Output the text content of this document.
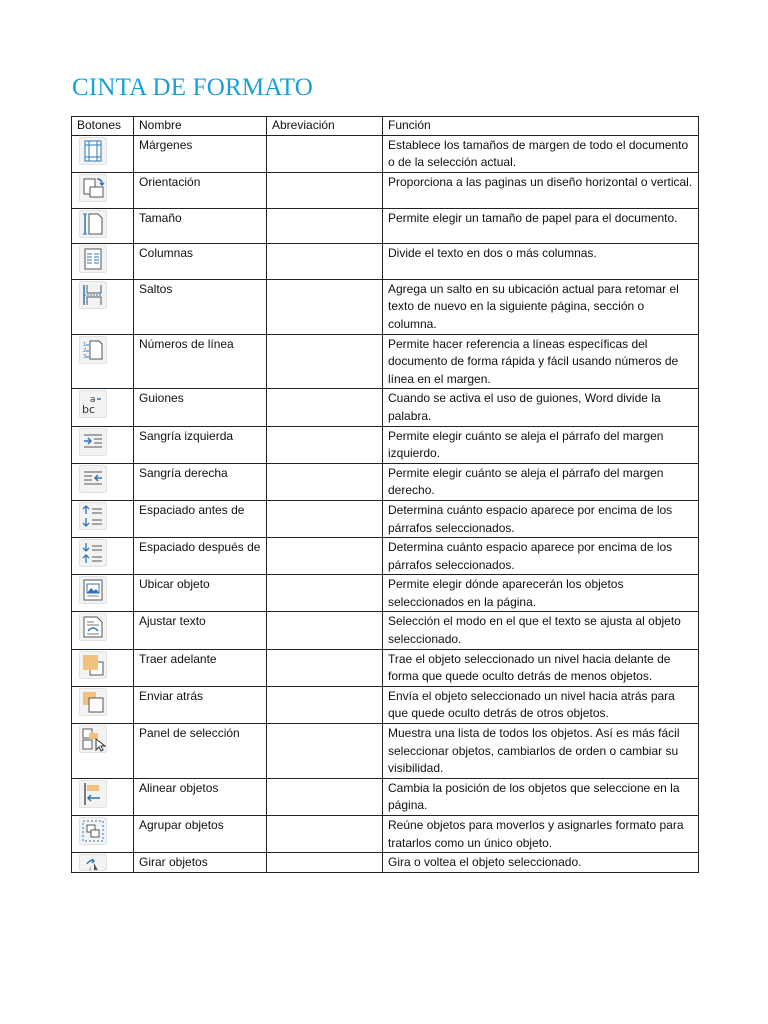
CINTA DE FORMATO
Botones	Nombre	Abreviación	Función

	Márgenes		Establece los tamaños de margen de todo el documento o de la selección actual.

	Orientación		Proporciona a las paginas un diseño horizontal o vertical.

	Tamaño		Permite elegir un tamaño de papel para el documento.

	Columnas		Divide el texto en dos o más columnas.

	Saltos		Agrega un salto en su ubicación actual para retomar el texto de nuevo en la siguiente página, sección o columna.

1
2
3	Números de línea		Permite hacer referencia a líneas específicas del documento de forma rápida y fácil usando números de línea en el margen.

a
bc	Guiones		Cuando se activa el uso de guiones, Word divide la palabra.

	Sangría izquierda		Permite elegir cuánto se aleja el párrafo del margen izquierdo.

	Sangría derecha		Permite elegir cuánto se aleja el párrafo del margen derecho.

	Espaciado antes de		Determina cuánto espacio aparece por encima de los párrafos seleccionados.

	Espaciado después de		Determina cuánto espacio aparece por encima de los párrafos seleccionados.

	Ubicar objeto		Permite elegir dónde aparecerán los objetos seleccionados en la página.

	Ajustar texto		Selección el modo en el que el texto se ajusta al objeto seleccionado.

	Traer adelante		Trae el objeto seleccionado un nivel hacia delante de forma que quede oculto detrás de menos objetos.

	Enviar atrás		Envía el objeto seleccionado un nivel hacia atrás para que quede oculto detrás de otros objetos.

	Panel de selección		Muestra una lista de todos los objetos. Así es más fácil seleccionar objetos, cambiarlos de orden o cambiar su visibilidad.

	Alinear objetos		Cambia la posición de los objetos que seleccione en la página.

	Agrupar objetos		Reúne objetos para moverlos y asignarles formato para tratarlos como un único objeto.

	Girar objetos		Gira o voltea el objeto seleccionado.
